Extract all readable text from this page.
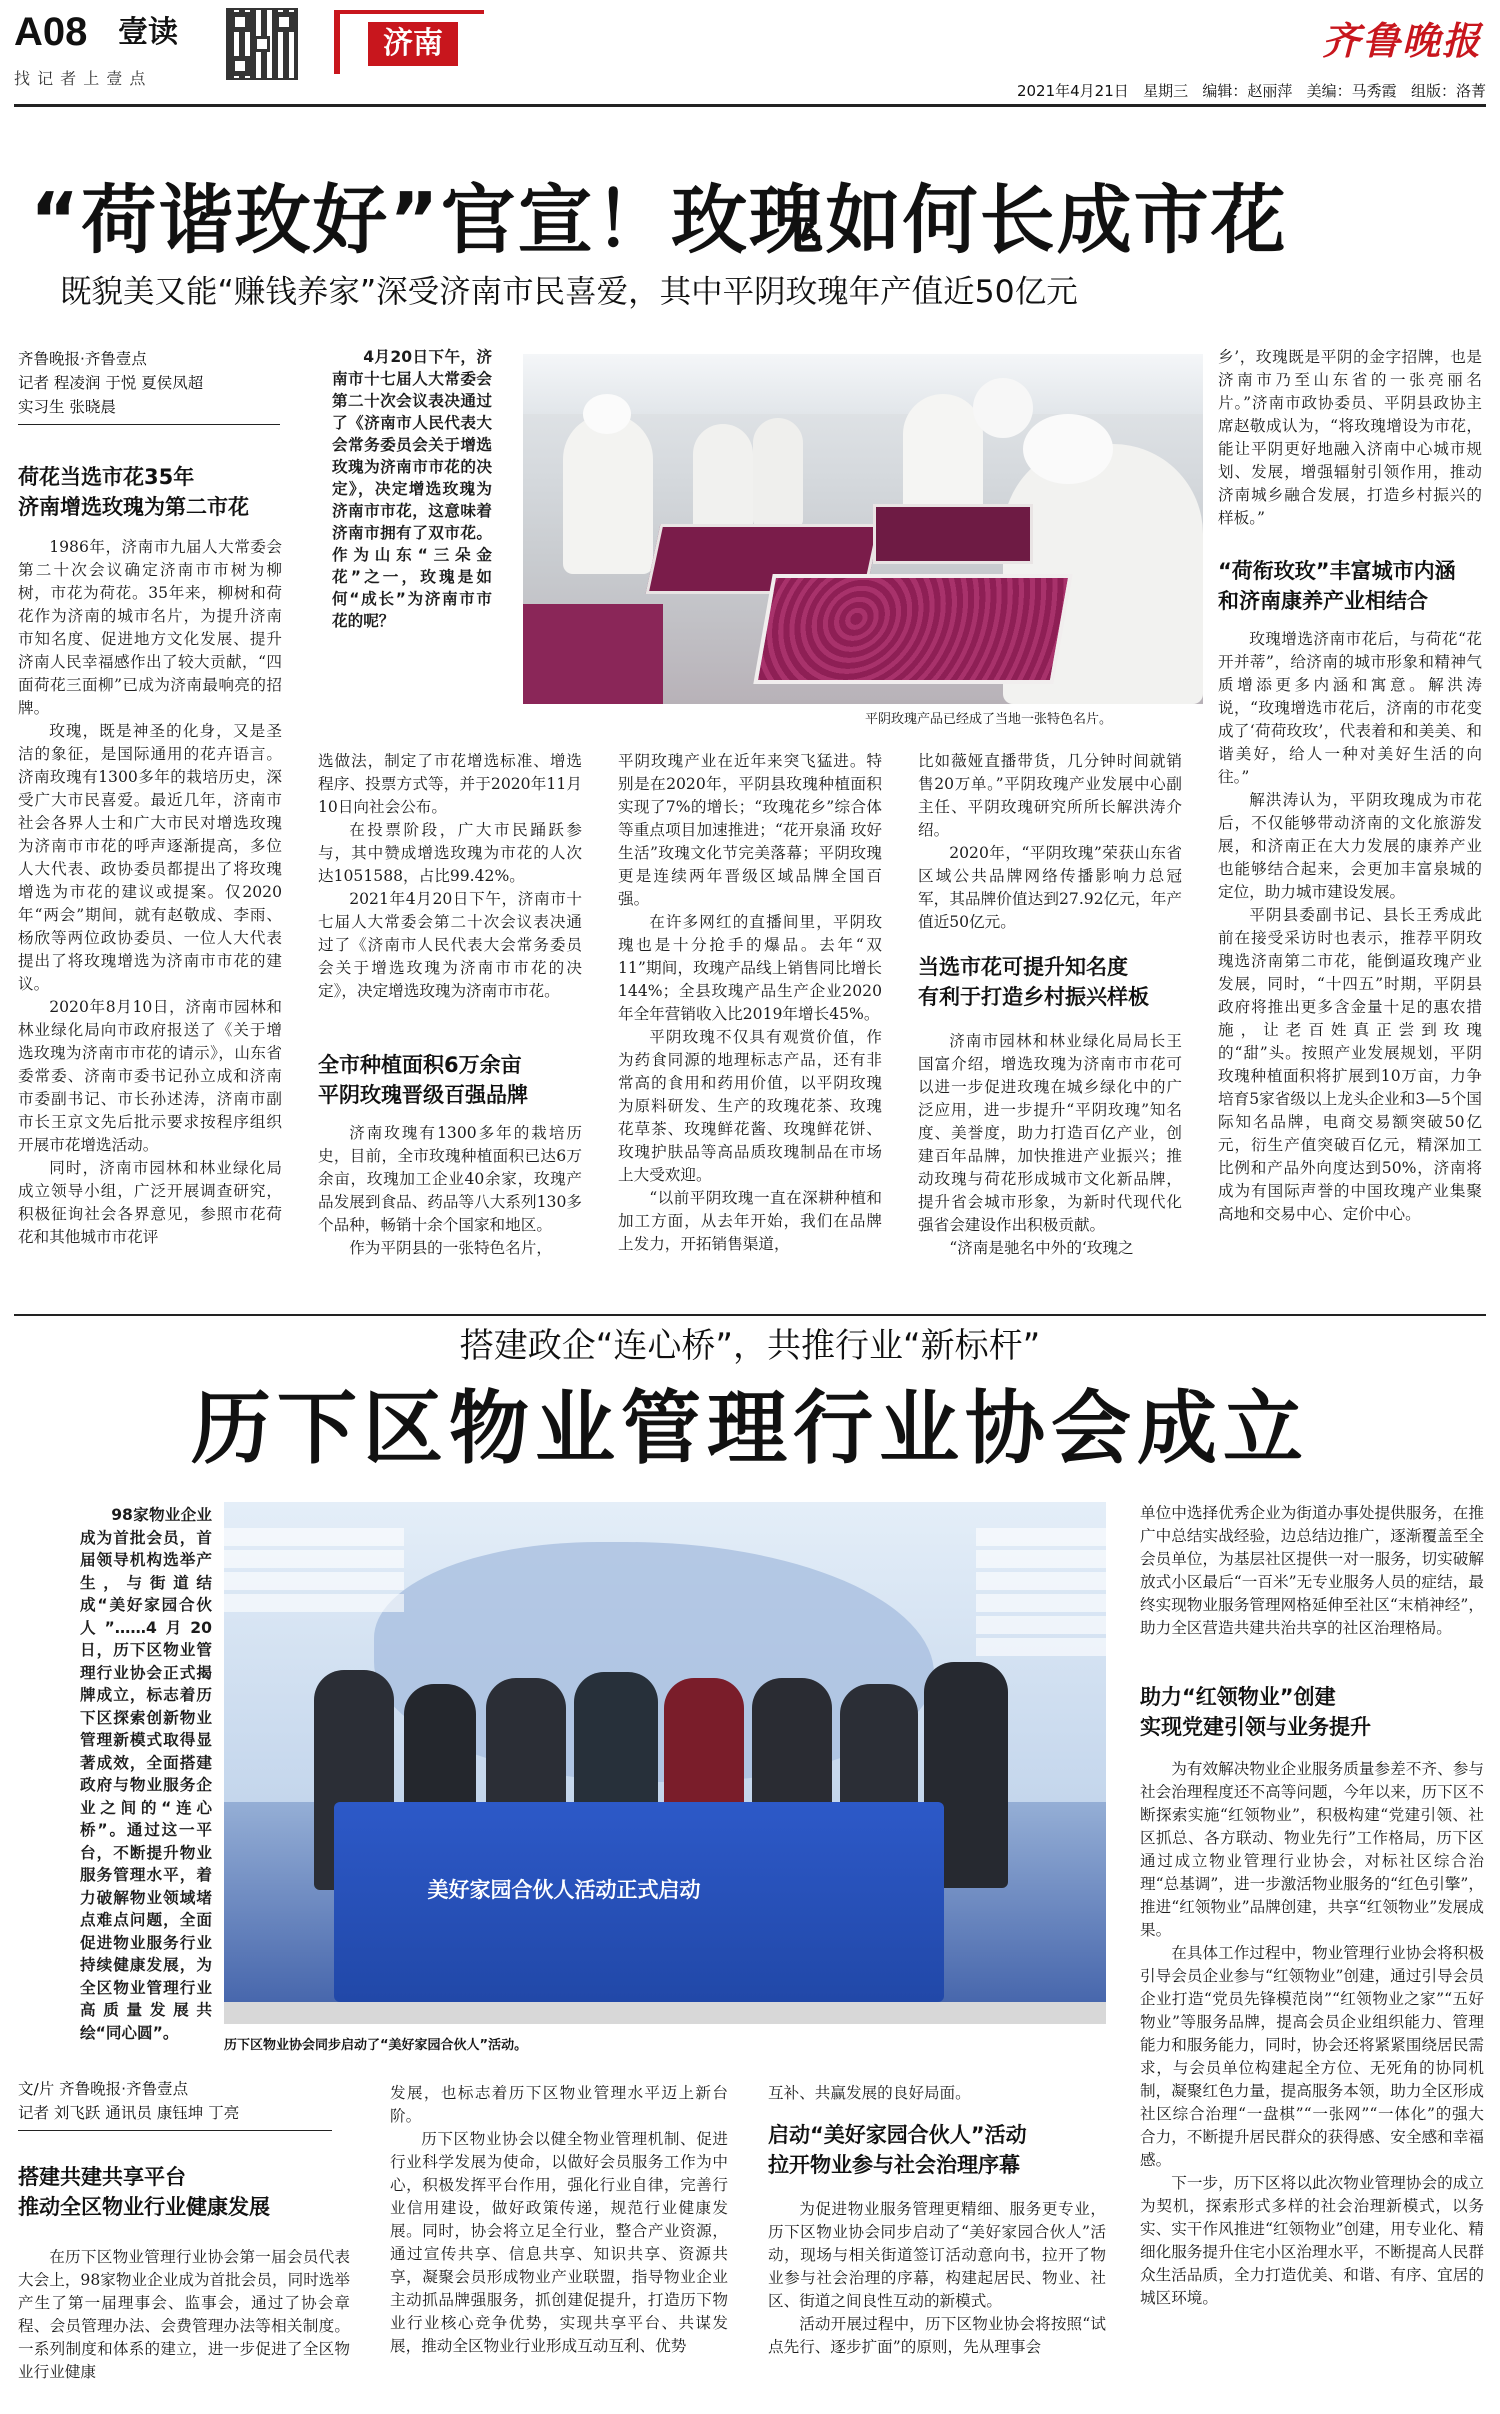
A08 壹读
找 记 者 上 壹 点
济南	齐鲁晚报
2021年4月21日   星期三   编辑：赵丽萍   美编：马秀霞   组版：洛菁
“荷谐玫好”官宣！玫瑰如何长成市花
既貌美又能“赚钱养家”深受济南市民喜爱，其中平阴玫瑰年产值近50亿元
齐鲁晚报·齐鲁壹点
记者 程凌润 于悦 夏侯凤超
实习生 张晓晨
荷花当选市花35年
济南增选玫瑰为第二市花

1986年，济南市九届人大常委会第二十次会议确定济南市市树为柳树，市花为荷花。35年来，柳树和荷花作为济南的城市名片，为提升济南市知名度、促进地方文化发展、提升济南人民幸福感作出了较大贡献，“四面荷花三面柳”已成为济南最响亮的招牌。

玫瑰，既是神圣的化身，又是圣洁的象征，是国际通用的花卉语言。济南玫瑰有1300多年的栽培历史，深受广大市民喜爱。最近几年，济南市社会各界人士和广大市民对增选玫瑰为济南市市花的呼声逐渐提高，多位人大代表、政协委员都提出了将玫瑰增选为市花的建议或提案。仅2020年“两会”期间，就有赵敬成、李雨、杨欣等两位政协委员、一位人大代表提出了将玫瑰增选为济南市市花的建议。

2020年8月10日，济南市园林和林业绿化局向市政府报送了《关于增选玫瑰为济南市市花的请示》，山东省委常委、济南市委书记孙立成和济南市委副书记、市长孙述涛，济南市副市长王京文先后批示要求按程序组织开展市花增选活动。

同时，济南市园林和林业绿化局成立领导小组，广泛开展调查研究，积极征询社会各界意见，参照市花荷花和其他城市市花评

4月20日下午，济南市十七届人大常委会第二十次会议表决通过了《济南市人民代表大会常务委员会关于增选玫瑰为济南市市花的决定》，决定增选玫瑰为济南市市花，这意味着济南市拥有了双市花。作为山东“三朵金花”之一，玫瑰是如何“成长”为济南市市花的呢？

平阴玫瑰产品已经成了当地一张特色名片。

选做法，制定了市花增选标准、增选程序、投票方式等，并于2020年11月10日向社会公布。

在投票阶段，广大市民踊跃参与，其中赞成增选玫瑰为市花的人次达1051588，占比99.42%。

2021年4月20日下午，济南市十七届人大常委会第二十次会议表决通过了《济南市人民代表大会常务委员会关于增选玫瑰为济南市市花的决定》，决定增选玫瑰为济南市市花。

全市种植面积6万余亩
平阴玫瑰晋级百强品牌

济南玫瑰有1300多年的栽培历史，目前，全市玫瑰种植面积已达6万余亩，玫瑰加工企业40余家，玫瑰产品发展到食品、药品等八大系列130多个品种，畅销十余个国家和地区。

作为平阴县的一张特色名片，

平阴玫瑰产业在近年来突飞猛进。特别是在2020年，平阴县玫瑰种植面积实现了7%的增长；“玫瑰花乡”综合体等重点项目加速推进；“花开泉涌 玫好生活”玫瑰文化节完美落幕；平阴玫瑰更是连续两年晋级区域品牌全国百强。

在许多网红的直播间里，平阴玫瑰也是十分抢手的爆品。去年“双11”期间，玫瑰产品线上销售同比增长144%；全县玫瑰产品生产企业2020年全年营销收入比2019年增长45%。

平阴玫瑰不仅具有观赏价值，作为药食同源的地理标志产品，还有非常高的食用和药用价值，以平阴玫瑰为原料研发、生产的玫瑰花茶、玫瑰花草茶、玫瑰鲜花酱、玫瑰鲜花饼、玫瑰护肤品等高品质玫瑰制品在市场上大受欢迎。

“以前平阴玫瑰一直在深耕种植和加工方面，从去年开始，我们在品牌上发力，开拓销售渠道，

比如薇娅直播带货，几分钟时间就销售20万单。”平阴玫瑰产业发展中心副主任、平阴玫瑰研究所所长解洪涛介绍。

2020年，“平阴玫瑰”荣获山东省区域公共品牌网络传播影响力总冠军，其品牌价值达到27.92亿元，年产值近50亿元。

当选市花可提升知名度
有利于打造乡村振兴样板

济南市园林和林业绿化局局长王国富介绍，增选玫瑰为济南市市花可以进一步促进玫瑰在城乡绿化中的广泛应用，进一步提升“平阴玫瑰”知名度、美誉度，助力打造百亿产业，创建百年品牌，加快推进产业振兴；推动玫瑰与荷花形成城市文化新品牌，提升省会城市形象，为新时代现代化强省会建设作出积极贡献。

“济南是驰名中外的‘玫瑰之

乡’，玫瑰既是平阴的金字招牌，也是济南市乃至山东省的一张亮丽名片。”济南市政协委员、平阴县政协主席赵敬成认为，“将玫瑰增设为市花，能让平阴更好地融入济南中心城市规划、发展，增强辐射引领作用，推动济南城乡融合发展，打造乡村振兴的样板。”

“荷衔玫玫”丰富城市内涵
和济南康养产业相结合

玫瑰增选济南市花后，与荷花“花开并蒂”，给济南的城市形象和精神气质增添更多内涵和寓意。解洪涛说，“玫瑰增选市花后，济南的市花变成了‘荷荷玫玫’，代表着和和美美、和谐美好，给人一种对美好生活的向往。”

解洪涛认为，平阴玫瑰成为市花后，不仅能够带动济南的文化旅游发展，和济南正在大力发展的康养产业也能够结合起来，会更加丰富泉城的定位，助力城市建设发展。

平阴县委副书记、县长王秀成此前在接受采访时也表示，推荐平阴玫瑰选济南第二市花，能倒逼玫瑰产业发展，同时，“十四五”时期，平阴县政府将推出更多含金量十足的惠农措施，让老百姓真正尝到玫瑰的“甜”头。按照产业发展规划，平阴玫瑰种植面积将扩展到10万亩，力争培育5家省级以上龙头企业和3—5个国际知名品牌，电商交易额突破50亿元，衍生产值突破百亿元，精深加工比例和产品外向度达到50%，济南将成为有国际声誉的中国玫瑰产业集聚高地和交易中心、定价中心。

搭建政企“连心桥”，共推行业“新标杆”
历下区物业管理行业协会成立

98家物业企业成为首批会员，首届领导机构选举产生，与街道结成“美好家园合伙人”……4月20日，历下区物业管理行业协会正式揭牌成立，标志着历下区探索创新物业管理新模式取得显著成效，全面搭建政府与物业服务企业之间的“连心桥”。通过这一平台，不断提升物业服务管理水平，着力破解物业领域堵点难点问题，全面促进物业服务行业持续健康发展，为全区物业管理行业高质量发展共绘“同心圆”。

美好家园合伙人活动正式启动
历下区物业协会同步启动了“美好家园合伙人”活动。
文/片 齐鲁晚报·齐鲁壹点
记者 刘飞跃 通讯员 康钰坤 丁亮
搭建共建共享平台
推动全区物业行业健康发展

在历下区物业管理行业协会第一届会员代表大会上，98家物业企业成为首批会员，同时选举产生了第一届理事会、监事会，通过了协会章程、会员管理办法、会费管理办法等相关制度。一系列制度和体系的建立，进一步促进了全区物业行业健康

发展，也标志着历下区物业管理水平迈上新台阶。

历下区物业协会以健全物业管理机制、促进行业科学发展为使命，以做好会员服务工作为中心，积极发挥平台作用，强化行业自律，完善行业信用建设，做好政策传递，规范行业健康发展。同时，协会将立足全行业，整合产业资源，通过宣传共享、信息共享、知识共享、资源共享，凝聚会员形成物业产业联盟，指导物业企业主动抓品牌强服务，抓创建促提升，打造历下物业行业核心竞争优势，实现共享平台、共谋发展，推动全区物业行业形成互动互利、优势

互补、共赢发展的良好局面。

启动“美好家园合伙人”活动
拉开物业参与社会治理序幕

为促进物业服务管理更精细、服务更专业，历下区物业协会同步启动了“美好家园合伙人”活动，现场与相关街道签订活动意向书，拉开了物业参与社会治理的序幕，构建起居民、物业、社区、街道之间良性互动的新模式。

活动开展过程中，历下区物业协会将按照“试点先行、逐步扩面”的原则，先从理事会

单位中选择优秀企业为街道办事处提供服务，在推广中总结实战经验，边总结边推广，逐渐覆盖至全会员单位，为基层社区提供一对一服务，切实破解放式小区最后“一百米”无专业服务人员的症结，最终实现物业服务管理网格延伸至社区“末梢神经”，助力全区营造共建共治共享的社区治理格局。

助力“红领物业”创建
实现党建引领与业务提升

为有效解决物业企业服务质量参差不齐、参与社会治理程度还不高等问题，今年以来，历下区不断探索实施“红领物业”，积极构建“党建引领、社区抓总、各方联动、物业先行”工作格局，历下区通过成立物业管理行业协会，对标社区综合治理“总基调”，进一步激活物业服务的“红色引擎”，推进“红领物业”品牌创建，共享“红领物业”发展成果。

在具体工作过程中，物业管理行业协会将积极引导会员企业参与“红领物业”创建，通过引导会员企业打造“党员先锋模范岗”“红领物业之家”“五好物业”等服务品牌，提高会员企业组织能力、管理能力和服务能力，同时，协会还将紧紧围绕居民需求，与会员单位构建起全方位、无死角的协同机制，凝聚红色力量，提高服务本领，助力全区形成社区综合治理“一盘棋”“一张网”“一体化”的强大合力，不断提升居民群众的获得感、安全感和幸福感。

下一步，历下区将以此次物业管理协会的成立为契机，探索形式多样的社会治理新模式，以务实、实干作风推进“红领物业”创建，用专业化、精细化服务提升住宅小区治理水平，不断提高人民群众生活品质，全力打造优美、和谐、有序、宜居的城区环境。
